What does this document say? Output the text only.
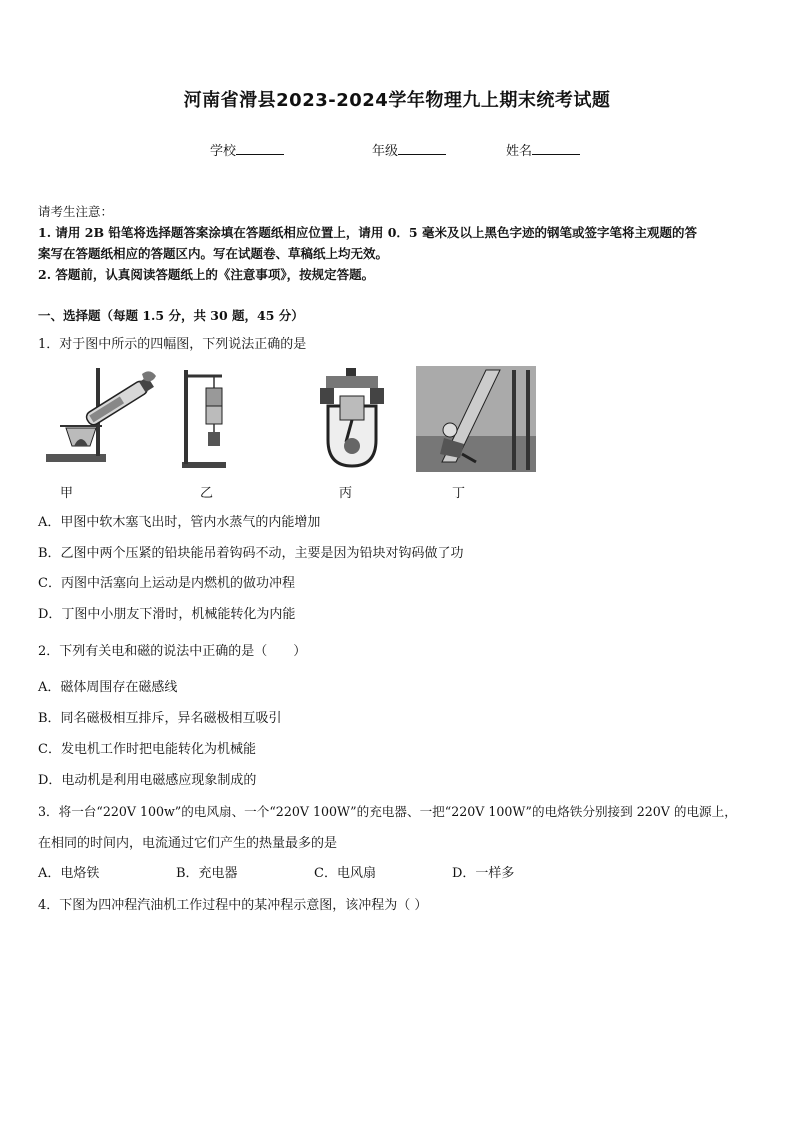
河南省滑县2023-2024学年物理九上期末统考试题
学校	年级	姓名
请考生注意：
1. 请用 2B 铅笔将选择题答案涂填在答题纸相应位置上，请用 0．5 毫米及以上黑色字迹的钢笔或签字笔将主观题的答
案写在答题纸相应的答题区内。写在试题卷、草稿纸上均无效。
2. 答题前，认真阅读答题纸上的《注意事项》，按规定答题。
一、选择题（每题 1.5 分，共 30 题，45 分）
1．对于图中所示的四幅图，下列说法正确的是
甲	乙	丙	丁
A．甲图中软木塞飞出时，管内水蒸气的内能增加
B．乙图中两个压紧的铅块能吊着钩码不动，主要是因为铅块对钩码做了功
C．丙图中活塞向上运动是内燃机的做功冲程
D．丁图中小朋友下滑时，机械能转化为内能
2．下列有关电和磁的说法中正确的是（　　）
A．磁体周围存在磁感线
B．同名磁极相互排斥，异名磁极相互吸引
C．发电机工作时把电能转化为机械能
D．电动机是利用电磁感应现象制成的
3．将一台“220V 100w”的电风扇、一个“220V 100W”的充电器、一把“220V 100W”的电烙铁分别接到 220V 的电源上，
在相同的时间内，电流通过它们产生的热量最多的是
A．电烙铁	B．充电器	C．电风扇	D．一样多
4．下图为四冲程汽油机工作过程中的某冲程示意图，该冲程为（ ）
